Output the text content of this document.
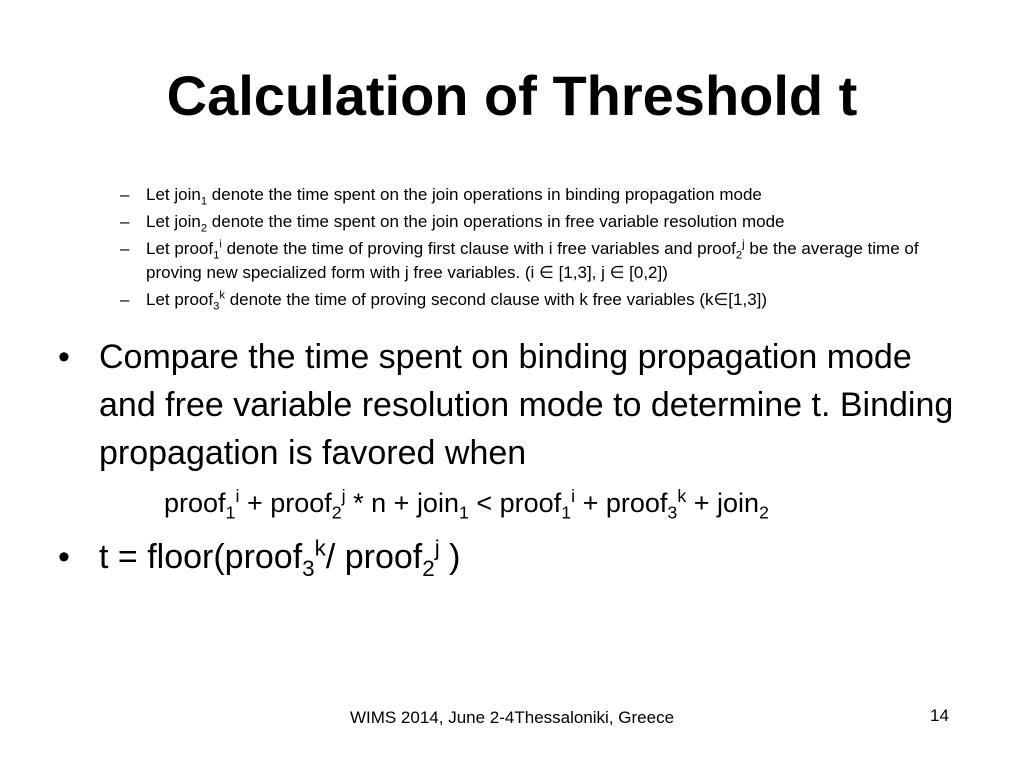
Calculation of Threshold t
– Let join$_1$ denote the time spent on the join operations in binding propagation mode
– Let join$_2$ denote the time spent on the join operations in free variable resolution mode
– Let proof$_1^i$ denote the time of proving first clause with i free variables and proof$_2^j$ be the average time of proving new specialized form with j free variables. (i ∈ [1,3], j ∈ [0,2])
– Let proof$_3^k$ denote the time of proving second clause with k free variables (k∈[1,3])
• Compare the time spent on binding propagation mode and free variable resolution mode to determine t. Binding propagation is favored when
proof$_1^i$ + proof$_2^j$ * n + join$_1$ < proof$_1^i$ + proof$_3^k$ + join$_2$
• t = floor(proof$_3^k$/ proof$_2^j$ )
WIMS 2014, June 2-4Thessaloniki, Greece	14
